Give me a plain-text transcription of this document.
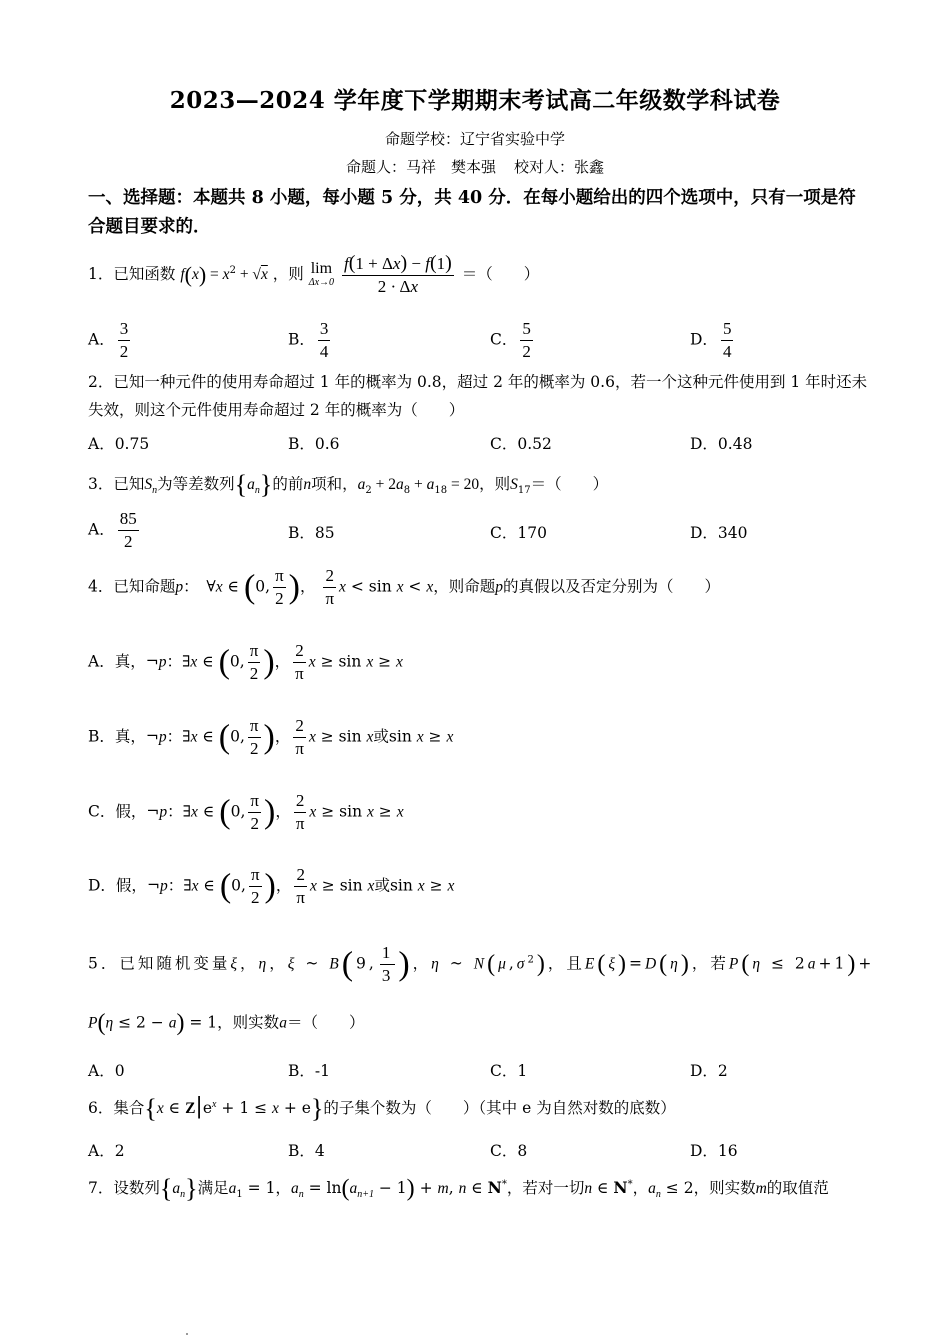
2023—2024 学年度下学期期末考试高二年级数学科试卷
命题学校：辽宁省实验中学
命题人：马祥　樊本强 校对人：张鑫
一、选择题：本题共 8 小题，每小题 5 分，共 40 分．在每小题给出的四个选项中，只有一项是符合题目要求的．
1．已知函数 $f(x) = x^2 + √x$ ，则 lim
Δx→0
$\frac{f(1 + \Delta x) - f(1)}{2 \cdot \Delta x}$ ＝（　　）
A． $\frac{3}{2}$	B． $\frac{3}{4}$	C． $\frac{5}{2}$	D． $\frac{5}{4}$
2．已知一种元件的使用寿命超过 1 年的概率为 0.8，超过 2 年的概率为 0.6，若一个这种元件使用到 1 年时还未失效，则这个元件使用寿命超过 2 年的概率为（　　）
A．0.75	B．0.6	C．0.52	D．0.48
3．已知$S_n$为等差数列$\{a_n\}$的前n项和，$a_2 + 2a_8 + a_{18} = 20$，则$S_{17}=$（　　）
A． $\frac{85}{2}$	B．85	C．170	D．340
4．已知命题p：　∀x ∈ (0, $\frac{\pi}{2}$ )， $\frac{2}{\pi}$ x < sin x < x，则命题p的真假以及否定分别为（　　）
A．真，¬p：∃x ∈ (0, $\frac{\pi}{2}$ )， $\frac{2}{\pi}$ x ≥ sin x ≥ x
B．真，¬p：∃x ∈ (0, $\frac{\pi}{2}$ )， $\frac{2}{\pi}$ x ≥ sin x或sin x ≥ x
C．假，¬p：∃x ∈ (0, $\frac{\pi}{2}$ )， $\frac{2}{\pi}$ x ≥ sin x ≥ x
D．假，¬p：∃x ∈ (0, $\frac{\pi}{2}$ )， $\frac{2}{\pi}$ x ≥ sin x或sin x ≥ x
5．已知随机变量ξ，η，ξ ~ B(9, $\frac{1}{3}$ )，η ~ $N(\mu,\sigma^2)$，且E(ξ)=D(η)，若P(η ≤ 2a+1)+
P(η ≤ 2 − a) = 1，则实数a＝（　　）
A．0	B．-1	C．1	D．2
6．集合{x ∈ $Z|e^x + 1 \le x + e$}的子集个数为（　　）（其中 e 为自然对数的底数）
A．2	B．4	C．8	D．16
7．设数列$\{a_n\}$满足$a_1 = 1$，$a_n = \ln(a_{n+1} - 1) + m$, n ∈ N*，若对一切n ∈ N*，$a_n \le 2$，则实数m的取值范
